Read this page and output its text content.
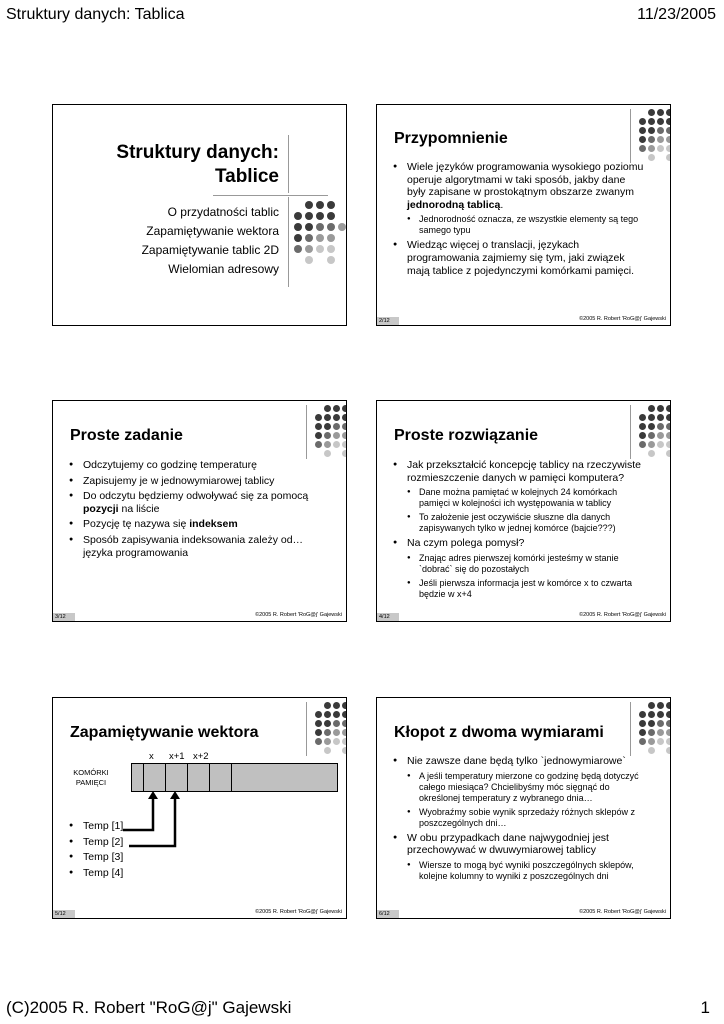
Struktury danych: Tablica	11/23/2005
Struktury danych: Tablice
O przydatności tablic
Zapamiętywanie wektora
Zapamiętywanie tablic 2D
Wielomian adresowy
Przypomnienie
● Wiele języków programowania wysokiego poziomu operuje algorytmami w taki sposób, jakby dane były zapisane w prostokątnym obszarze zwanym jednorodną tablicą.
● Jednorodność oznacza, ze wszystkie elementy są tego samego typu
● Wiedząc więcej o translacji, językach programowania zajmiemy się tym, jaki związek mają tablice z pojedynczymi komórkami pamięci.
2/12	©2005 R. Robert 'RoG@j' Gajewski
Proste zadanie
● Odczytujemy co godzinę temperaturę
● Zapisujemy je w jednowymiarowej tablicy
● Do odczytu będziemy odwoływać się za pomocą pozycji na liście
● Pozycję tę nazywa się indeksem
● Sposób zapisywania indeksowania zależy od… języka programowania
3/12	©2005 R. Robert 'RoG@j' Gajewski
Proste rozwiązanie
● Jak przekształcić koncepcję tablicy na rzeczywiste rozmieszczenie danych w pamięci komputera?
● Dane można pamiętać w kolejnych 24 komórkach pamięci w kolejności ich występowania w tablicy
● To założenie jest oczywiście słuszne dla danych zapisywanych tylko w jednej komórce (bajcie???)
● Na czym polega pomysł?
● Znając adres pierwszej komórki jesteśmy w stanie `dobrać` się do pozostałych
● Jeśli pierwsza informacja jest w komórce x to czwarta będzie w x+4
4/12	©2005 R. Robert 'RoG@j' Gajewski
Zapamiętywanie wektora
x x+1 x+2
KOMÓRKI
PAMIĘCI
● Temp [1]
● Temp [2]
● Temp [3]
● Temp [4]
5/12	©2005 R. Robert 'RoG@j' Gajewski
Kłopot z dwoma wymiarami
● Nie zawsze dane będą tylko `jednowymiarowe`
● A jeśli temperatury mierzone co godzinę będą dotyczyć całego miesiąca? Chcielibyśmy móc sięgnąć do określonej temperatury z wybranego dnia…
● Wyobraźmy sobie wynik sprzedaży różnych sklepów z poszczególnych dni…
● W obu przypadkach dane najwygodniej jest przechowywać w dwuwymiarowej tablicy
● Wiersze to mogą być wyniki poszczególnych sklepów, kolejne kolumny to wyniki z poszczególnych dni
6/12	©2005 R. Robert 'RoG@j' Gajewski
(C)2005 R. Robert "RoG@j" Gajewski	1
